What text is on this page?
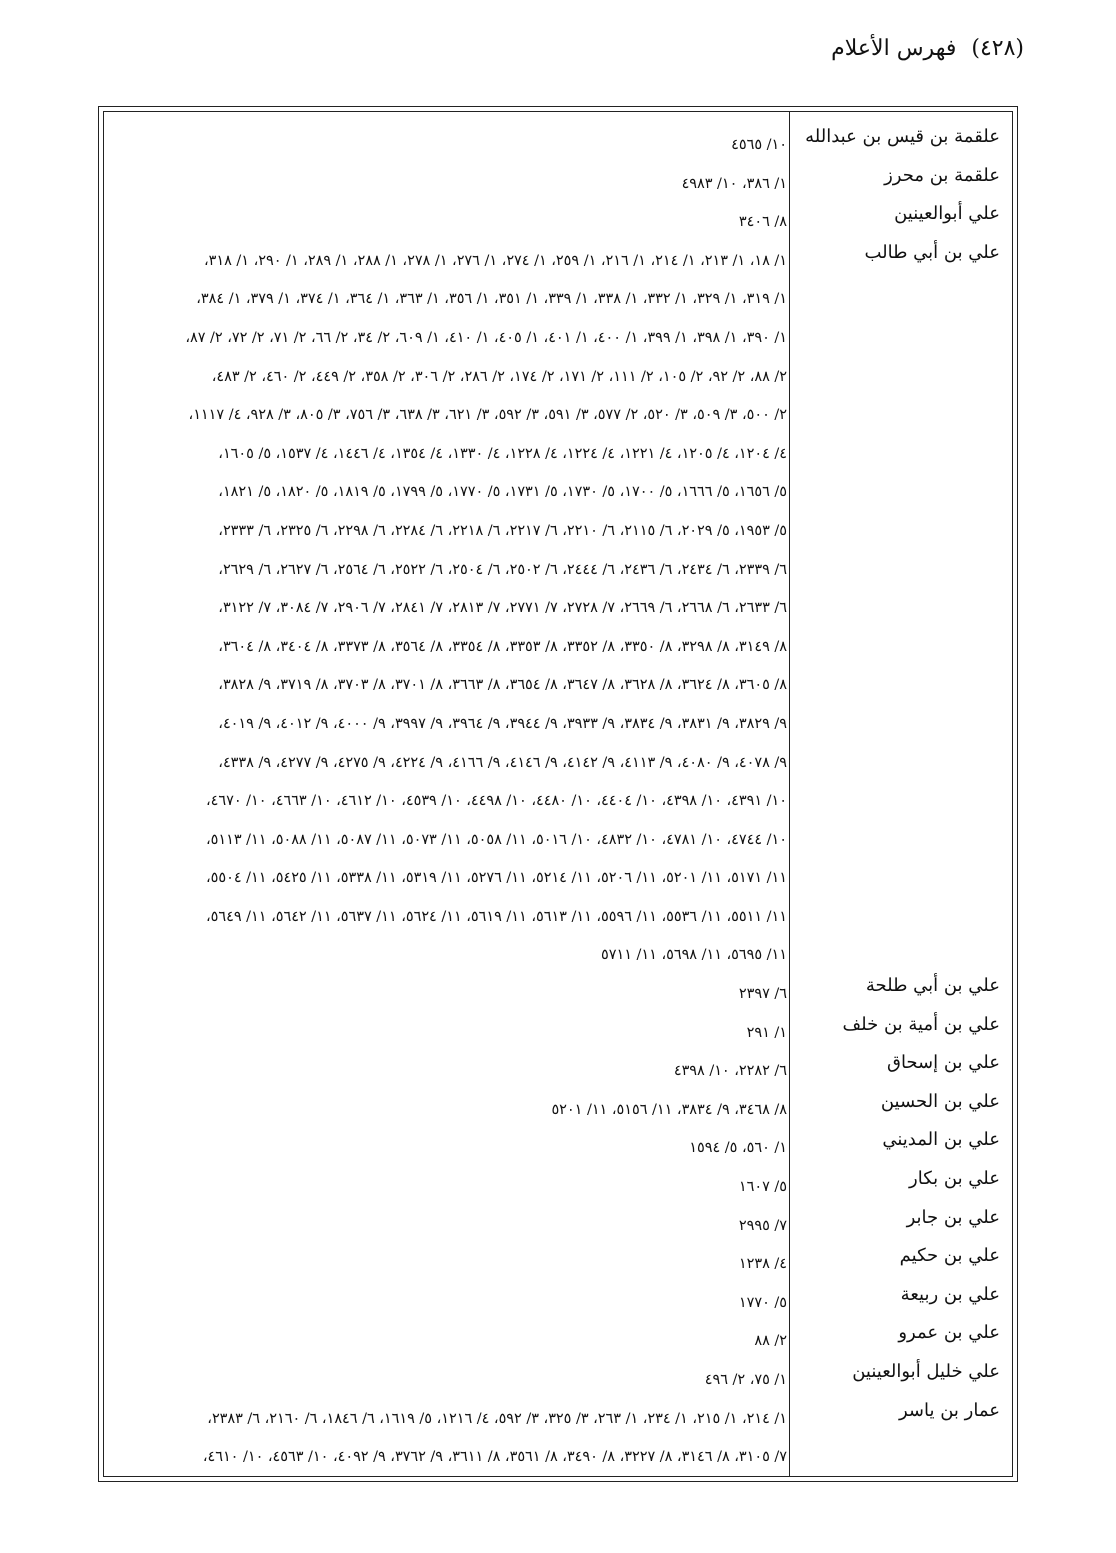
(٤٢٨) فهرس الأعلام
علقمة بن قيس بن عبدالله
١٠/ ٤٥٦٥
علقمة بن محرز
١/ ٣٨٦، ١٠/ ٤٩٨٣
علي أبوالعينين
٨/ ٣٤٠٦
علي بن أبي طالب
١/ ١٨، ١/ ٢١٣، ١/ ٢١٤، ١/ ٢١٦، ١/ ٢٥٩، ١/ ٢٧٤، ١/ ٢٧٦، ١/ ٢٧٨، ١/ ٢٨٨، ١/ ٢٨٩، ١/ ٢٩٠، ١/ ٣١٨،
١/ ٣١٩، ١/ ٣٢٩، ١/ ٣٣٢، ١/ ٣٣٨، ١/ ٣٣٩، ١/ ٣٥١، ١/ ٣٥٦، ١/ ٣٦٣، ١/ ٣٦٤، ١/ ٣٧٤، ١/ ٣٧٩، ١/ ٣٨٤،
١/ ٣٩٠، ١/ ٣٩٨، ١/ ٣٩٩، ١/ ٤٠٠، ١/ ٤٠١، ١/ ٤٠٥، ١/ ٤١٠، ١/ ٦٠٩، ٢/ ٣٤، ٢/ ٦٦، ٢/ ٧١، ٢/ ٧٢، ٢/ ٨٧،
٢/ ٨٨، ٢/ ٩٢، ٢/ ١٠٥، ٢/ ١١١، ٢/ ١٧١، ٢/ ١٧٤، ٢/ ٢٨٦، ٢/ ٣٠٦، ٢/ ٣٥٨، ٢/ ٤٤٩، ٢/ ٤٦٠، ٢/ ٤٨٣،
٢/ ٥٠٠، ٣/ ٥٠٩، ٣/ ٥٢٠، ٢/ ٥٧٧، ٣/ ٥٩١، ٣/ ٥٩٢، ٣/ ٦٢١، ٣/ ٦٣٨، ٣/ ٧٥٦، ٣/ ٨٠٥، ٣/ ٩٢٨، ٤/ ١١١٧،
٤/ ١٢٠٤، ٤/ ١٢٠٥، ٤/ ١٢٢١، ٤/ ١٢٢٤، ٤/ ١٢٢٨، ٤/ ١٣٣٠، ٤/ ١٣٥٤، ٤/ ١٤٤٦، ٤/ ١٥٣٧، ٥/ ١٦٠٥،
٥/ ١٦٥٦، ٥/ ١٦٦٦، ٥/ ١٧٠٠، ٥/ ١٧٣٠، ٥/ ١٧٣١، ٥/ ١٧٧٠، ٥/ ١٧٩٩، ٥/ ١٨١٩، ٥/ ١٨٢٠، ٥/ ١٨٢١،
٥/ ١٩٥٣، ٥/ ٢٠٢٩، ٦/ ٢١١٥، ٦/ ٢٢١٠، ٦/ ٢٢١٧، ٦/ ٢٢١٨، ٦/ ٢٢٨٤، ٦/ ٢٢٩٨، ٦/ ٢٣٢٥، ٦/ ٢٣٣٣،
٦/ ٢٣٣٩، ٦/ ٢٤٣٤، ٦/ ٢٤٣٦، ٦/ ٢٤٤٤، ٦/ ٢٥٠٢، ٦/ ٢٥٠٤، ٦/ ٢٥٢٢، ٦/ ٢٥٦٤، ٦/ ٢٦٢٧، ٦/ ٢٦٢٩،
٦/ ٢٦٣٣، ٦/ ٢٦٦٨، ٦/ ٢٦٦٩، ٧/ ٢٧٢٨، ٧/ ٢٧٧١، ٧/ ٢٨١٣، ٧/ ٢٨٤١، ٧/ ٢٩٠٦، ٧/ ٣٠٨٤، ٧/ ٣١٢٢،
٨/ ٣١٤٩، ٨/ ٣٢٩٨، ٨/ ٣٣٥٠، ٨/ ٣٣٥٢، ٨/ ٣٣٥٣، ٨/ ٣٣٥٤، ٨/ ٣٥٦٤، ٨/ ٣٣٧٣، ٨/ ٣٤٠٤، ٨/ ٣٦٠٤،
٨/ ٣٦٠٥، ٨/ ٣٦٢٤، ٨/ ٣٦٢٨، ٨/ ٣٦٤٧، ٨/ ٣٦٥٤، ٨/ ٣٦٦٣، ٨/ ٣٧٠١، ٨/ ٣٧٠٣، ٨/ ٣٧١٩، ٩/ ٣٨٢٨،
٩/ ٣٨٢٩، ٩/ ٣٨٣١، ٩/ ٣٨٣٤، ٩/ ٣٩٣٣، ٩/ ٣٩٤٤، ٩/ ٣٩٦٤، ٩/ ٣٩٩٧، ٩/ ٤٠٠٠، ٩/ ٤٠١٢، ٩/ ٤٠١٩،
٩/ ٤٠٧٨، ٩/ ٤٠٨٠، ٩/ ٤١١٣، ٩/ ٤١٤٢، ٩/ ٤١٤٦، ٩/ ٤١٦٦، ٩/ ٤٢٢٤، ٩/ ٤٢٧٥، ٩/ ٤٢٧٧، ٩/ ٤٣٣٨،
١٠/ ٤٣٩١، ١٠/ ٤٣٩٨، ١٠/ ٤٤٠٤، ١٠/ ٤٤٨٠، ١٠/ ٤٤٩٨، ١٠/ ٤٥٣٩، ١٠/ ٤٦١٢، ١٠/ ٤٦٦٣، ١٠/ ٤٦٧٠،
١٠/ ٤٧٤٤، ١٠/ ٤٧٨١، ١٠/ ٤٨٣٢، ١٠/ ٥٠١٦، ١١/ ٥٠٥٨، ١١/ ٥٠٧٣، ١١/ ٥٠٨٧، ١١/ ٥٠٨٨، ١١/ ٥١١٣،
١١/ ٥١٧١، ١١/ ٥٢٠١، ١١/ ٥٢٠٦، ١١/ ٥٢١٤، ١١/ ٥٢٧٦، ١١/ ٥٣١٩، ١١/ ٥٣٣٨، ١١/ ٥٤٢٥، ١١/ ٥٥٠٤،
١١/ ٥٥١١، ١١/ ٥٥٣٦، ١١/ ٥٥٩٦، ١١/ ٥٦١٣، ١١/ ٥٦١٩، ١١/ ٥٦٢٤، ١١/ ٥٦٣٧، ١١/ ٥٦٤٢، ١١/ ٥٦٤٩،
١١/ ٥٦٩٥، ١١/ ٥٦٩٨، ١١/ ٥٧١١
علي بن أبي طلحة
٦/ ٢٣٩٧
علي بن أمية بن خلف
١/ ٢٩١
علي بن إسحاق
٦/ ٢٢٨٢، ١٠/ ٤٣٩٨
علي بن الحسين
٨/ ٣٤٦٨، ٩/ ٣٨٣٤، ١١/ ٥١٥٦، ١١/ ٥٢٠١
علي بن المديني
١/ ٥٦٠، ٥/ ١٥٩٤
علي بن بكار
٥/ ١٦٠٧
علي بن جابر
٧/ ٢٩٩٥
علي بن حكيم
٤/ ١٢٣٨
علي بن ربيعة
٥/ ١٧٧٠
علي بن عمرو
٢/ ٨٨
علي خليل أبوالعينين
١/ ٧٥، ٢/ ٤٩٦
عمار بن ياسر
١/ ٢١٤، ١/ ٢١٥، ١/ ٢٣٤، ١/ ٢٦٣، ٣/ ٣٢٥، ٣/ ٥٩٢، ٤/ ١٢١٦، ٥/ ١٦١٩، ٦/ ١٨٤٦، ٦/ ٢١٦٠، ٦/ ٢٣٨٣،
٧/ ٣١٠٥، ٨/ ٣١٤٦، ٨/ ٣٢٢٧، ٨/ ٣٤٩٠، ٨/ ٣٥٦١، ٨/ ٣٦١١، ٩/ ٣٧٦٢، ٩/ ٤٠٩٢، ١٠/ ٤٥٦٣، ١٠/ ٤٦١٠،
